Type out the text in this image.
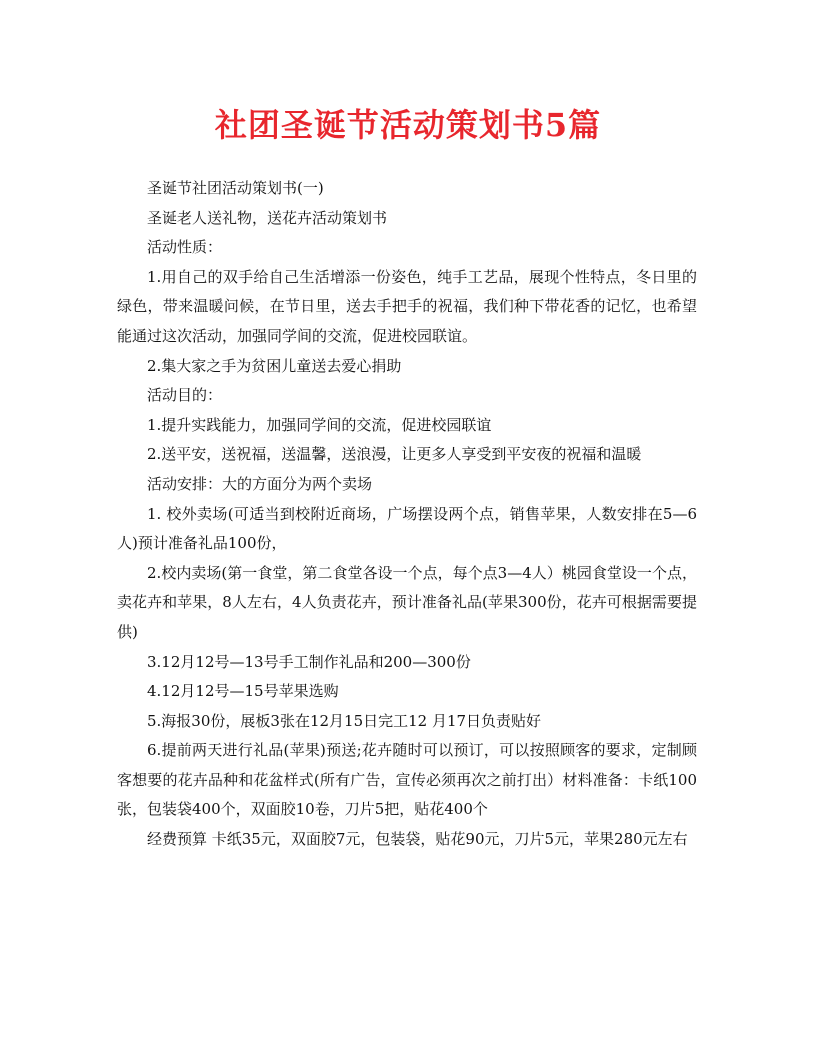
社团圣诞节活动策划书5篇

圣诞节社团活动策划书(一)

圣诞老人送礼物，送花卉活动策划书

活动性质：

1.用自己的双手给自己生活增添一份姿色，纯手工艺品，展现个性特点，冬日里的绿色，带来温暖问候，在节日里，送去手把手的祝福，我们种下带花香的记忆，也希望能通过这次活动，加强同学间的交流，促进校园联谊。

2.集大家之手为贫困儿童送去爱心捐助

活动目的：

1.提升实践能力，加强同学间的交流，促进校园联谊

2.送平安，送祝福，送温馨，送浪漫，让更多人享受到平安夜的祝福和温暖

活动安排：大的方面分为两个卖场

1. 校外卖场(可适当到校附近商场，广场摆设两个点，销售苹果，人数安排在5—6人)预计准备礼品100份，

2.校内卖场(第一食堂，第二食堂各设一个点，每个点3—4人）桃园食堂设一个点，卖花卉和苹果，8人左右，4人负责花卉，预计准备礼品(苹果300份，花卉可根据需要提供)

3.12月12号—13号手工制作礼品和200—300份

4.12月12号—15号苹果选购

5.海报30份，展板3张在12月15日完工12 月17日负责贴好

6.提前两天进行礼品(苹果)预送;花卉随时可以预订，可以按照顾客的要求，定制顾客想要的花卉品种和花盆样式(所有广告，宣传必须再次之前打出）材料准备：卡纸100张，包装袋400个，双面胶10卷，刀片5把，贴花400个

经费预算 卡纸35元，双面胶7元，包装袋，贴花90元，刀片5元，苹果280元左右
